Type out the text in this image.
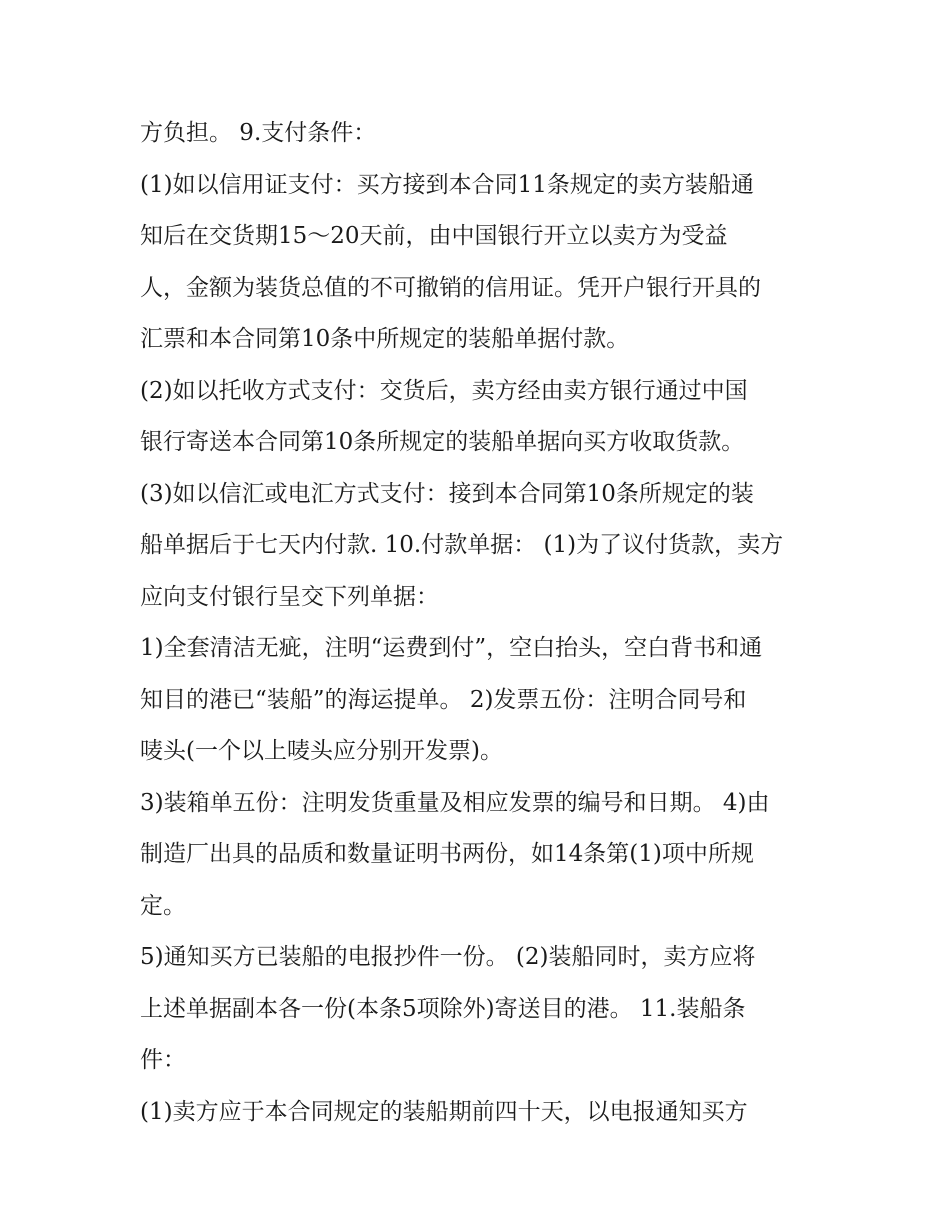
方负担。 9.支付条件：
(1)如以信用证支付：买方接到本合同11条规定的卖方装船通
知后在交货期15～20天前，由中国银行开立以卖方为受益
人，金额为装货总值的不可撤销的信用证。凭开户银行开具的
汇票和本合同第10条中所规定的装船单据付款。
(2)如以托收方式支付：交货后，卖方经由卖方银行通过中国
银行寄送本合同第10条所规定的装船单据向买方收取货款。
(3)如以信汇或电汇方式支付：接到本合同第10条所规定的装
船单据后于七天内付款. 10.付款单据： (1)为了议付货款，卖方
应向支付银行呈交下列单据：
1)全套清洁无疵，注明“运费到付”，空白抬头，空白背书和通
知目的港已“装船”的海运提单。 2)发票五份：注明合同号和
唛头(一个以上唛头应分别开发票)。
3)装箱单五份：注明发货重量及相应发票的编号和日期。 4)由
制造厂出具的品质和数量证明书两份，如14条第(1)项中所规
定。
5)通知买方已装船的电报抄件一份。 (2)装船同时，卖方应将
上述单据副本各一份(本条5项除外)寄送目的港。 11.装船条
件：
(1)卖方应于本合同规定的装船期前四十天，以电报通知买方
